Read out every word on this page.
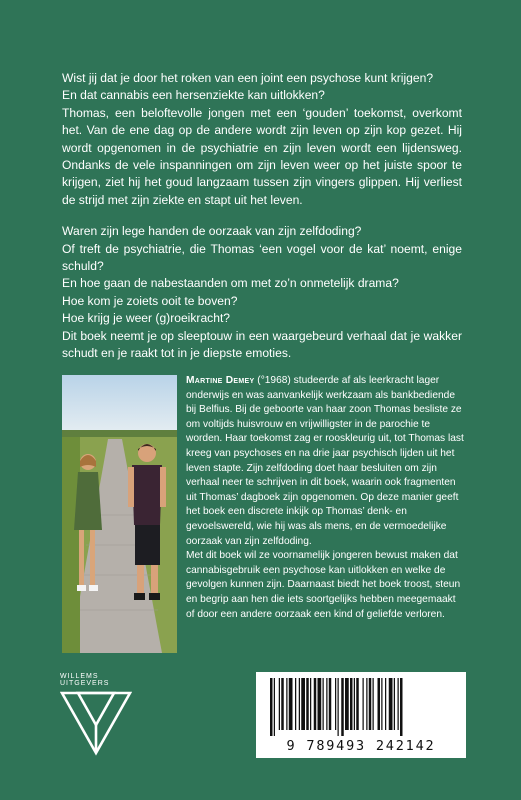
Wist jij dat je door het roken van een joint een psychose kunt krijgen?
En dat cannabis een hersenziekte kan uitlokken?

Thomas, een beloftevolle jongen met een ‘gouden’ toekomst, overkomt het. Van de ene dag op de andere wordt zijn leven op zijn kop gezet. Hij wordt opgenomen in de psychiatrie en zijn leven wordt een lijdensweg. Ondanks de vele inspanningen om zijn leven weer op het juiste spoor te krijgen, ziet hij het goud langzaam tussen zijn vingers glippen. Hij verliest de strijd met zijn ziekte en stapt uit het leven.

Waren zijn lege handen de oorzaak van zijn zelfdoding?
Of treft de psychiatrie, die Thomas ‘een vogel voor de kat’ noemt, enige schuld?
En hoe gaan de nabestaanden om met zo’n onmetelijk drama?
Hoe kom je zoiets ooit te boven?
Hoe krijg je weer (g)roeikracht?

Dit boek neemt je op sleeptouw in een waargebeurd verhaal dat je wakker schudt en je raakt tot in je diepste emoties.

Martine Demey (°1968) studeerde af als leerkracht lager onderwijs en was aanvankelijk werkzaam als bankbediende bij Belfius. Bij de geboorte van haar zoon Thomas besliste ze om voltijds huisvrouw en vrijwilligster in de parochie te worden. Haar toekomst zag er rooskleurig uit, tot Thomas last kreeg van psychoses en na drie jaar psychisch lijden uit het leven stapte. Zijn zelfdoding doet haar besluiten om zijn verhaal neer te schrijven in dit boek, waarin ook fragmenten uit Thomas’ dagboek zijn opgenomen. Op deze manier geeft het boek een discrete inkijk op Thomas’ denk- en gevoelswereld, wie hij was als mens, en de vermoedelijke oorzaak van zijn zelfdoding.

Met dit boek wil ze voornamelijk jongeren bewust maken dat cannabisgebruik een psychose kan uitlokken en welke de gevolgen kunnen zijn. Daarnaast biedt het boek troost, steun en begrip aan hen die iets soortgelijks hebben meegemaakt of door een andere oorzaak een kind of geliefde verloren.

WILLEMS UITGEVERS
9 789493 242142
